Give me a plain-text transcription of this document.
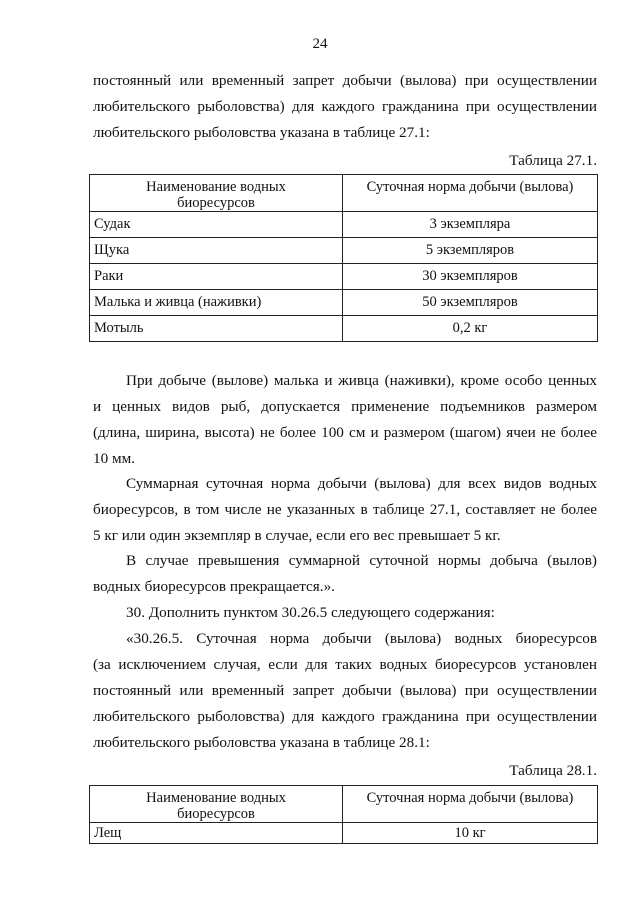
24

постоянный или временный запрет добычи (вылова) при осуществлении

любительского рыболовства) для каждого гражданина при осуществлении

любительского рыболовства указана в таблице 27.1:

Таблица 27.1.

Наименование водных
биоресурсов	Суточная норма добычи (вылова)
Судак	3 экземпляра
Щука	5 экземпляров
Раки	30 экземпляров
Малька и живца (наживки)	50 экземпляров
Мотыль	0,2 кг

При добыче (вылове) малька и живца (наживки), кроме особо ценных

и ценных видов рыб, допускается применение подъемников размером

(длина, ширина, высота) не более 100 см и размером (шагом) ячеи не более

10 мм.

Суммарная суточная норма добычи (вылова) для всех видов водных

биоресурсов, в том числе не указанных в таблице 27.1, составляет не более

5 кг или один экземпляр в случае, если его вес превышает 5 кг.

В случае превышения суммарной суточной нормы добыча (вылов)

водных биоресурсов прекращается.».

30. Дополнить пунктом 30.26.5 следующего содержания:

«30.26.5. Суточная норма добычи (вылова) водных биоресурсов

(за исключением случая, если для таких водных биоресурсов установлен

постоянный или временный запрет добычи (вылова) при осуществлении

любительского рыболовства) для каждого гражданина при осуществлении

любительского рыболовства указана в таблице 28.1:

Таблица 28.1.

Наименование водных
биоресурсов	Суточная норма добычи (вылова)
Лещ	10 кг
